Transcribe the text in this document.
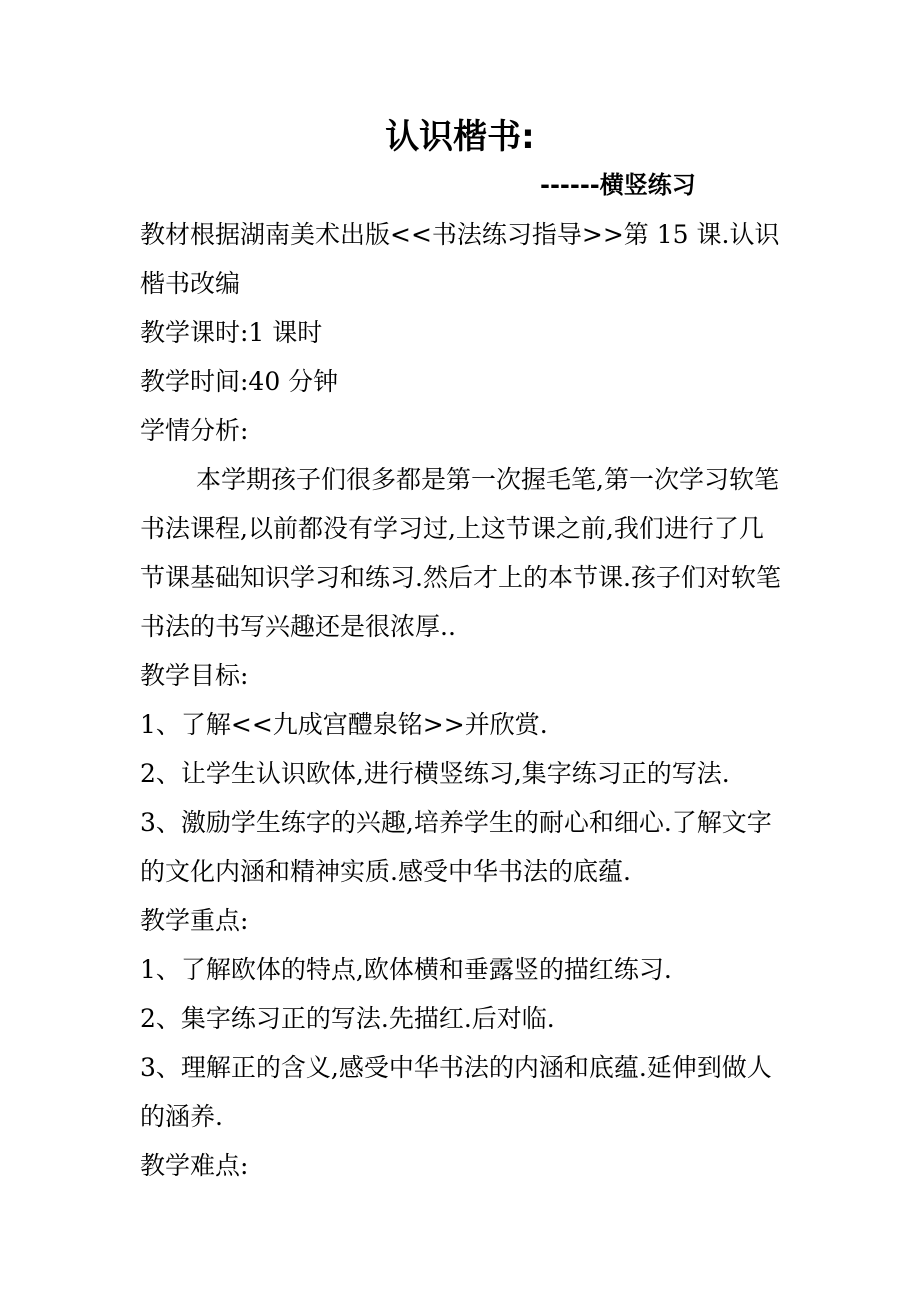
认识楷书:
------横竖练习
教材根据湖南美术出版<<书法练习指导>>第 15 课.认识楷书改编
教学课时:1 课时
教学时间:40 分钟
学情分析:
本学期孩子们很多都是第一次握毛笔,第一次学习软笔书法课程,以前都没有学习过,上这节课之前,我们进行了几节课基础知识学习和练习.然后才上的本节课.孩子们对软笔书法的书写兴趣还是很浓厚..
教学目标:
1、了解<<九成宫醴泉铭>>并欣赏.
2、让学生认识欧体,进行横竖练习,集字练习正的写法.
3、激励学生练字的兴趣,培养学生的耐心和细心.了解文字的文化内涵和精神实质.感受中华书法的底蕴.
教学重点:
1、了解欧体的特点,欧体横和垂露竖的描红练习.
2、集字练习正的写法.先描红.后对临.
3、理解正的含义,感受中华书法的内涵和底蕴.延伸到做人的涵养.
教学难点:
